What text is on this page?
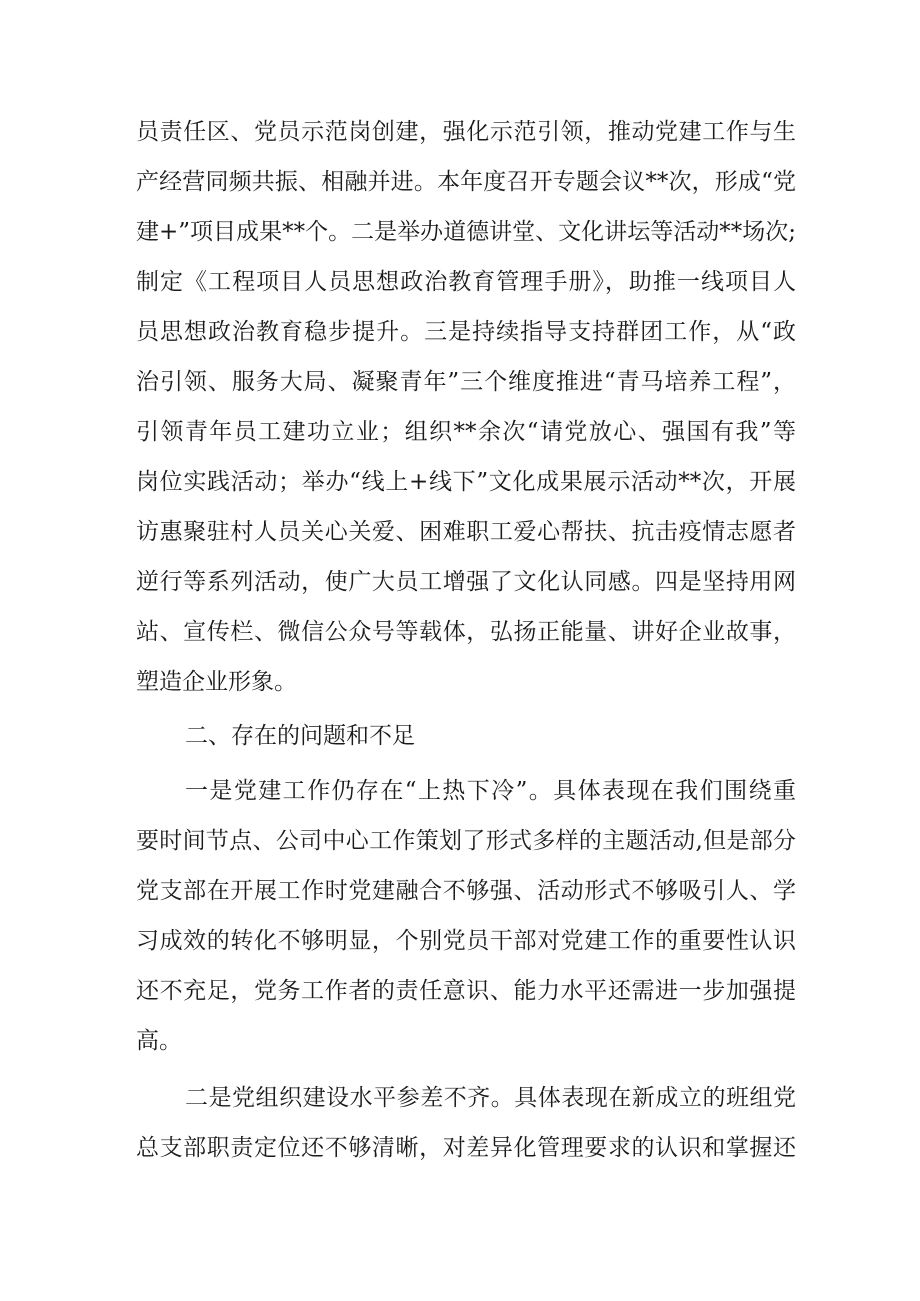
员责任区、党员示范岗创建，强化示范引领，推动党建工作与生
产经营同频共振、相融并进。本年度召开专题会议**次，形成“党
建+”项目成果**个。二是举办道德讲堂、文化讲坛等活动**场次;
制定《工程项目人员思想政治教育管理手册》，助推一线项目人
员思想政治教育稳步提升。三是持续指导支持群团工作，从“政
治引领、服务大局、凝聚青年”三个维度推进“青马培养工程”，
引领青年员工建功立业；组织**余次“请党放心、强国有我”等
岗位实践活动；举办“线上+线下”文化成果展示活动**次，开展
访惠聚驻村人员关心关爱、困难职工爱心帮扶、抗击疫情志愿者
逆行等系列活动，使广大员工增强了文化认同感。四是坚持用网
站、宣传栏、微信公众号等载体，弘扬正能量、讲好企业故事，
塑造企业形象。
二、存在的问题和不足
一是党建工作仍存在“上热下冷”。具体表现在我们围绕重
要时间节点、公司中心工作策划了形式多样的主题活动,但是部分
党支部在开展工作时党建融合不够强、活动形式不够吸引人、学
习成效的转化不够明显，个别党员干部对党建工作的重要性认识
还不充足，党务工作者的责任意识、能力水平还需进一步加强提
高。
二是党组织建设水平参差不齐。具体表现在新成立的班组党
总支部职责定位还不够清晰，对差异化管理要求的认识和掌握还
